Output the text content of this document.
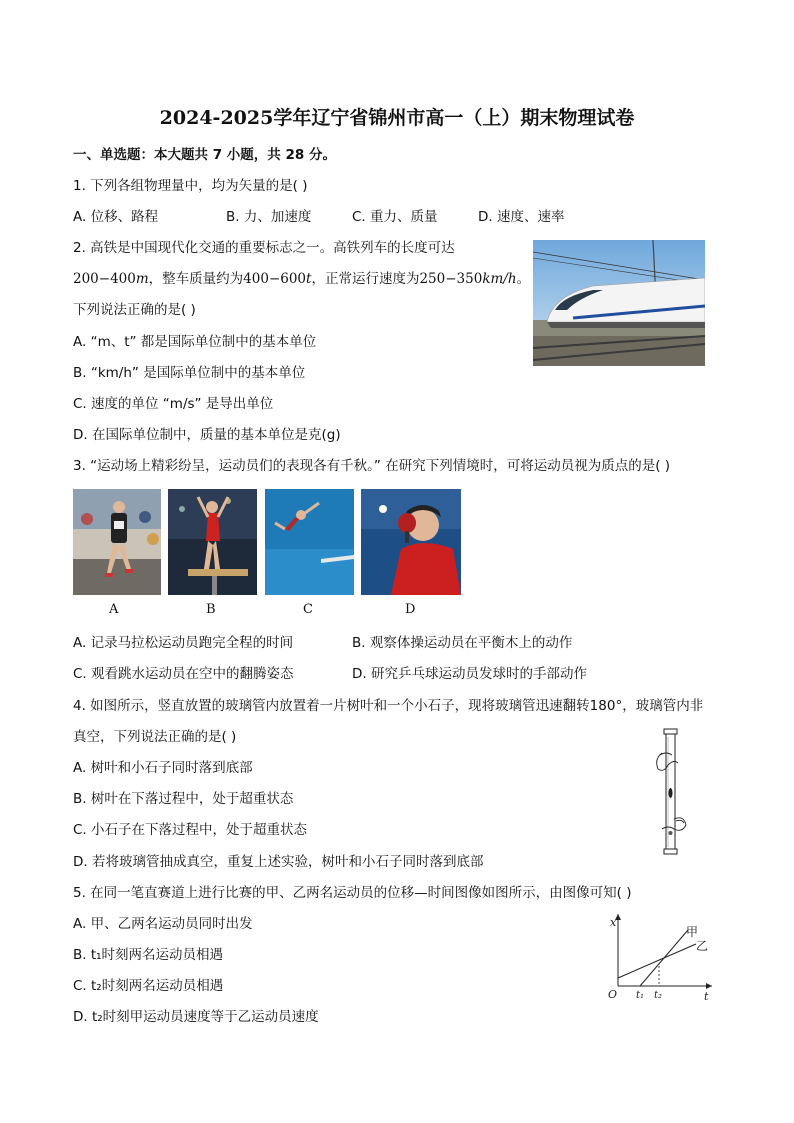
2024-2025学年辽宁省锦州市高一（上）期末物理试卷
一、单选题：本大题共 7 小题，共 28 分。
1. 下列各组物理量中，均为矢量的是( )
A. 位移、路程	B. 力、加速度	C. 重力、质量	D. 速度、速率
2. 高铁是中国现代化交通的重要标志之一。高铁列车的长度可达
200−400m，整车质量约为400−600t，正常运行速度为250−350km/h。
下列说法正确的是( )
A. “m、t” 都是国际单位制中的基本单位
B. “km/h” 是国际单位制中的基本单位
C. 速度的单位 “m/s” 是导出单位
D. 在国际单位制中，质量的基本单位是克(g)
3. “运动场上精彩纷呈，运动员们的表现各有千秋。” 在研究下列情境时，可将运动员视为质点的是( )
A	B	C	D
A. 记录马拉松运动员跑完全程的时间	B. 观察体操运动员在平衡木上的动作
C. 观看跳水运动员在空中的翻腾姿态	D. 研究乒乓球运动员发球时的手部动作
4. 如图所示，竖直放置的玻璃管内放置着一片树叶和一个小石子，现将玻璃管迅速翻转180°，玻璃管内非
真空，下列说法正确的是( )
A. 树叶和小石子同时落到底部
B. 树叶在下落过程中，处于超重状态
C. 小石子在下落过程中，处于超重状态
D. 若将玻璃管抽成真空，重复上述实验，树叶和小石子同时落到底部
5. 在同一笔直赛道上进行比赛的甲、乙两名运动员的位移—时间图像如图所示，由图像可知( )
A. 甲、乙两名运动员同时出发
B. t₁时刻两名运动员相遇
C. t₂时刻两名运动员相遇
D. t₂时刻甲运动员速度等于乙运动员速度
x
t
O
甲
乙
t₁ t₂
